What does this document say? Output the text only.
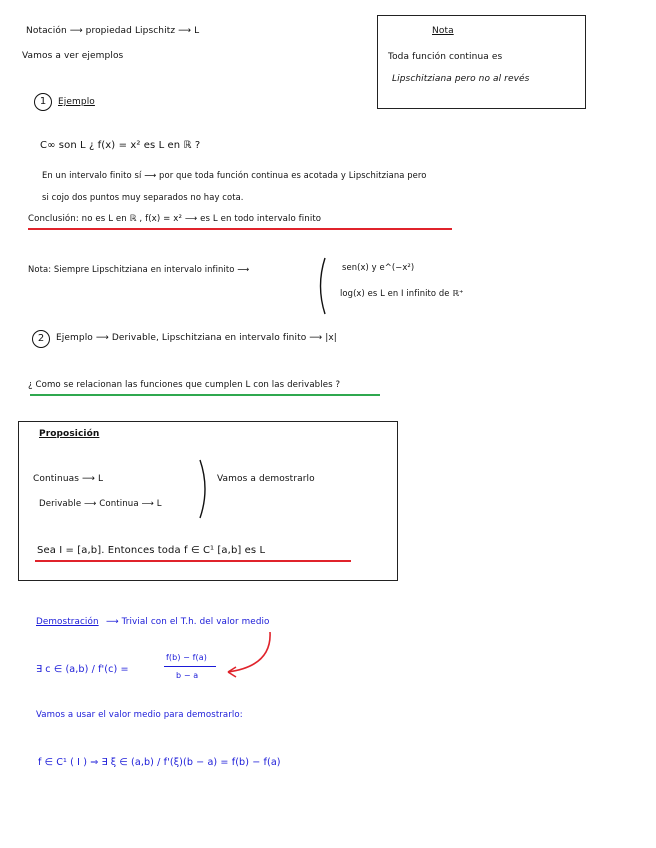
Notación ⟶ propiedad Lipschitz ⟶ L
Vamos a ver ejemplos
Nota
Toda función continua es
Lipschitziana pero no al revés
1	Ejemplo
C∞ son L ¿ f(x) = x² es L en ℝ ?
En un intervalo finito sí ⟶ por que toda función continua es acotada y Lipschitziana pero
si cojo dos puntos muy separados no hay cota.
Conclusión: no es L en ℝ , f(x) = x² ⟶ es L en todo intervalo finito
Nota: Siempre Lipschitziana en intervalo infinito ⟶	sen(x) y e^(−x²)
log(x) es L en I infinito de ℝ⁺
2	Ejemplo ⟶ Derivable, Lipschitziana en intervalo finito ⟶ |x|
¿ Como se relacionan las funciones que cumplen L con las derivables ?
Proposición
Continuas ⟶ L
Derivable ⟶ Continua ⟶ L
Vamos a demostrarlo
Sea I = [a,b]. Entonces toda f ∈ C¹ [a,b] es L
Demostración ⟶ Trivial con el T.h. del valor medio
∃ c ∈ (a,b) / f'(c) =
f(b) − f(a)
b − a
Vamos a usar el valor medio para demostrarlo:
f ∈ C¹ ( I ) ⇒ ∃ ξ ∈ (a,b) / f'(ξ)(b − a) = f(b) − f(a)
